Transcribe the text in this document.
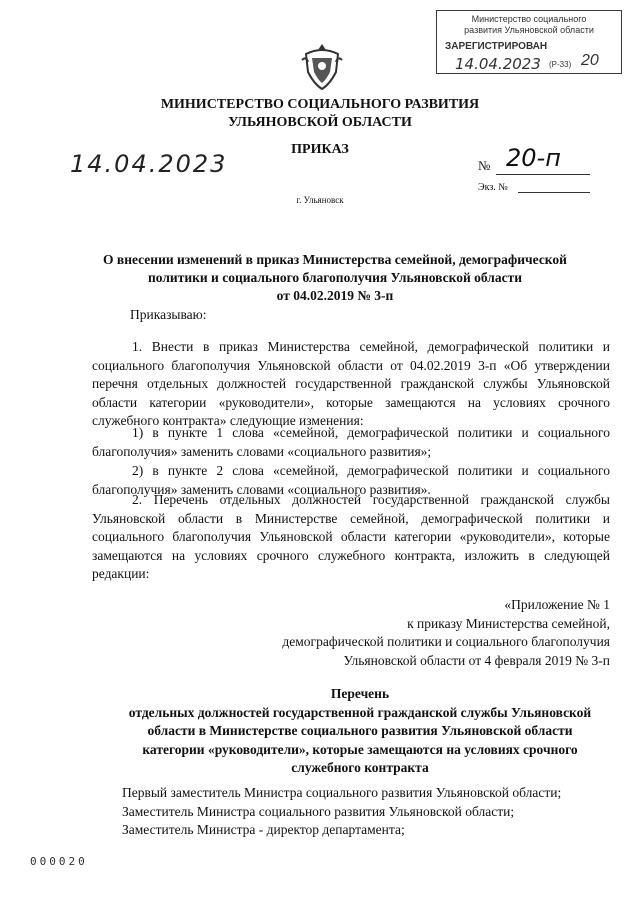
Министерство социального
развития Ульяновской области
ЗАРЕГИСТРИРОВАН
14.04.2023 (Р-33) 20
МИНИСТЕРСТВО СОЦИАЛЬНОГО РАЗВИТИЯ
УЛЬЯНОВСКОЙ ОБЛАСТИ
ПРИКАЗ
14.04.2023	№ 20-п
Экз. №
г. Ульяновск
О внесении изменений в приказ Министерства семейной, демографической
политики и социального благополучия Ульяновской области
от 04.02.2019 № 3-п
Приказываю:
1. Внести в приказ Министерства семейной, демографической политики и социального благополучия Ульяновской области от 04.02.2019 3-п «Об утверждении перечня отдельных должностей государственной гражданской службы Ульяновской области категории «руководители», которые замещаются на условиях срочного служебного контракта» следующие изменения:
1) в пункте 1 слова «семейной, демографической политики и социального благополучия» заменить словами «социального развития»;
2) в пункте 2 слова «семейной, демографической политики и социального благополучия» заменить словами «социального развития».
2. Перечень отдельных должностей государственной гражданской службы Ульяновской области в Министерстве семейной, демографической политики и социального благополучия Ульяновской области категории «руководители», которые замещаются на условиях срочного служебного контракта, изложить в следующей редакции:
«Приложение № 1
к приказу Министерства семейной,
демографической политики и социального благополучия
Ульяновской области от 4 февраля 2019 № 3-п
Перечень
отдельных должностей государственной гражданской службы Ульяновской
области в Министерстве социального развития Ульяновской области
категории «руководители», которые замещаются на условиях срочного
служебного контракта
Первый заместитель Министра социального развития Ульяновской области;
Заместитель Министра социального развития Ульяновской области;
Заместитель Министра - директор департамента;
000020
